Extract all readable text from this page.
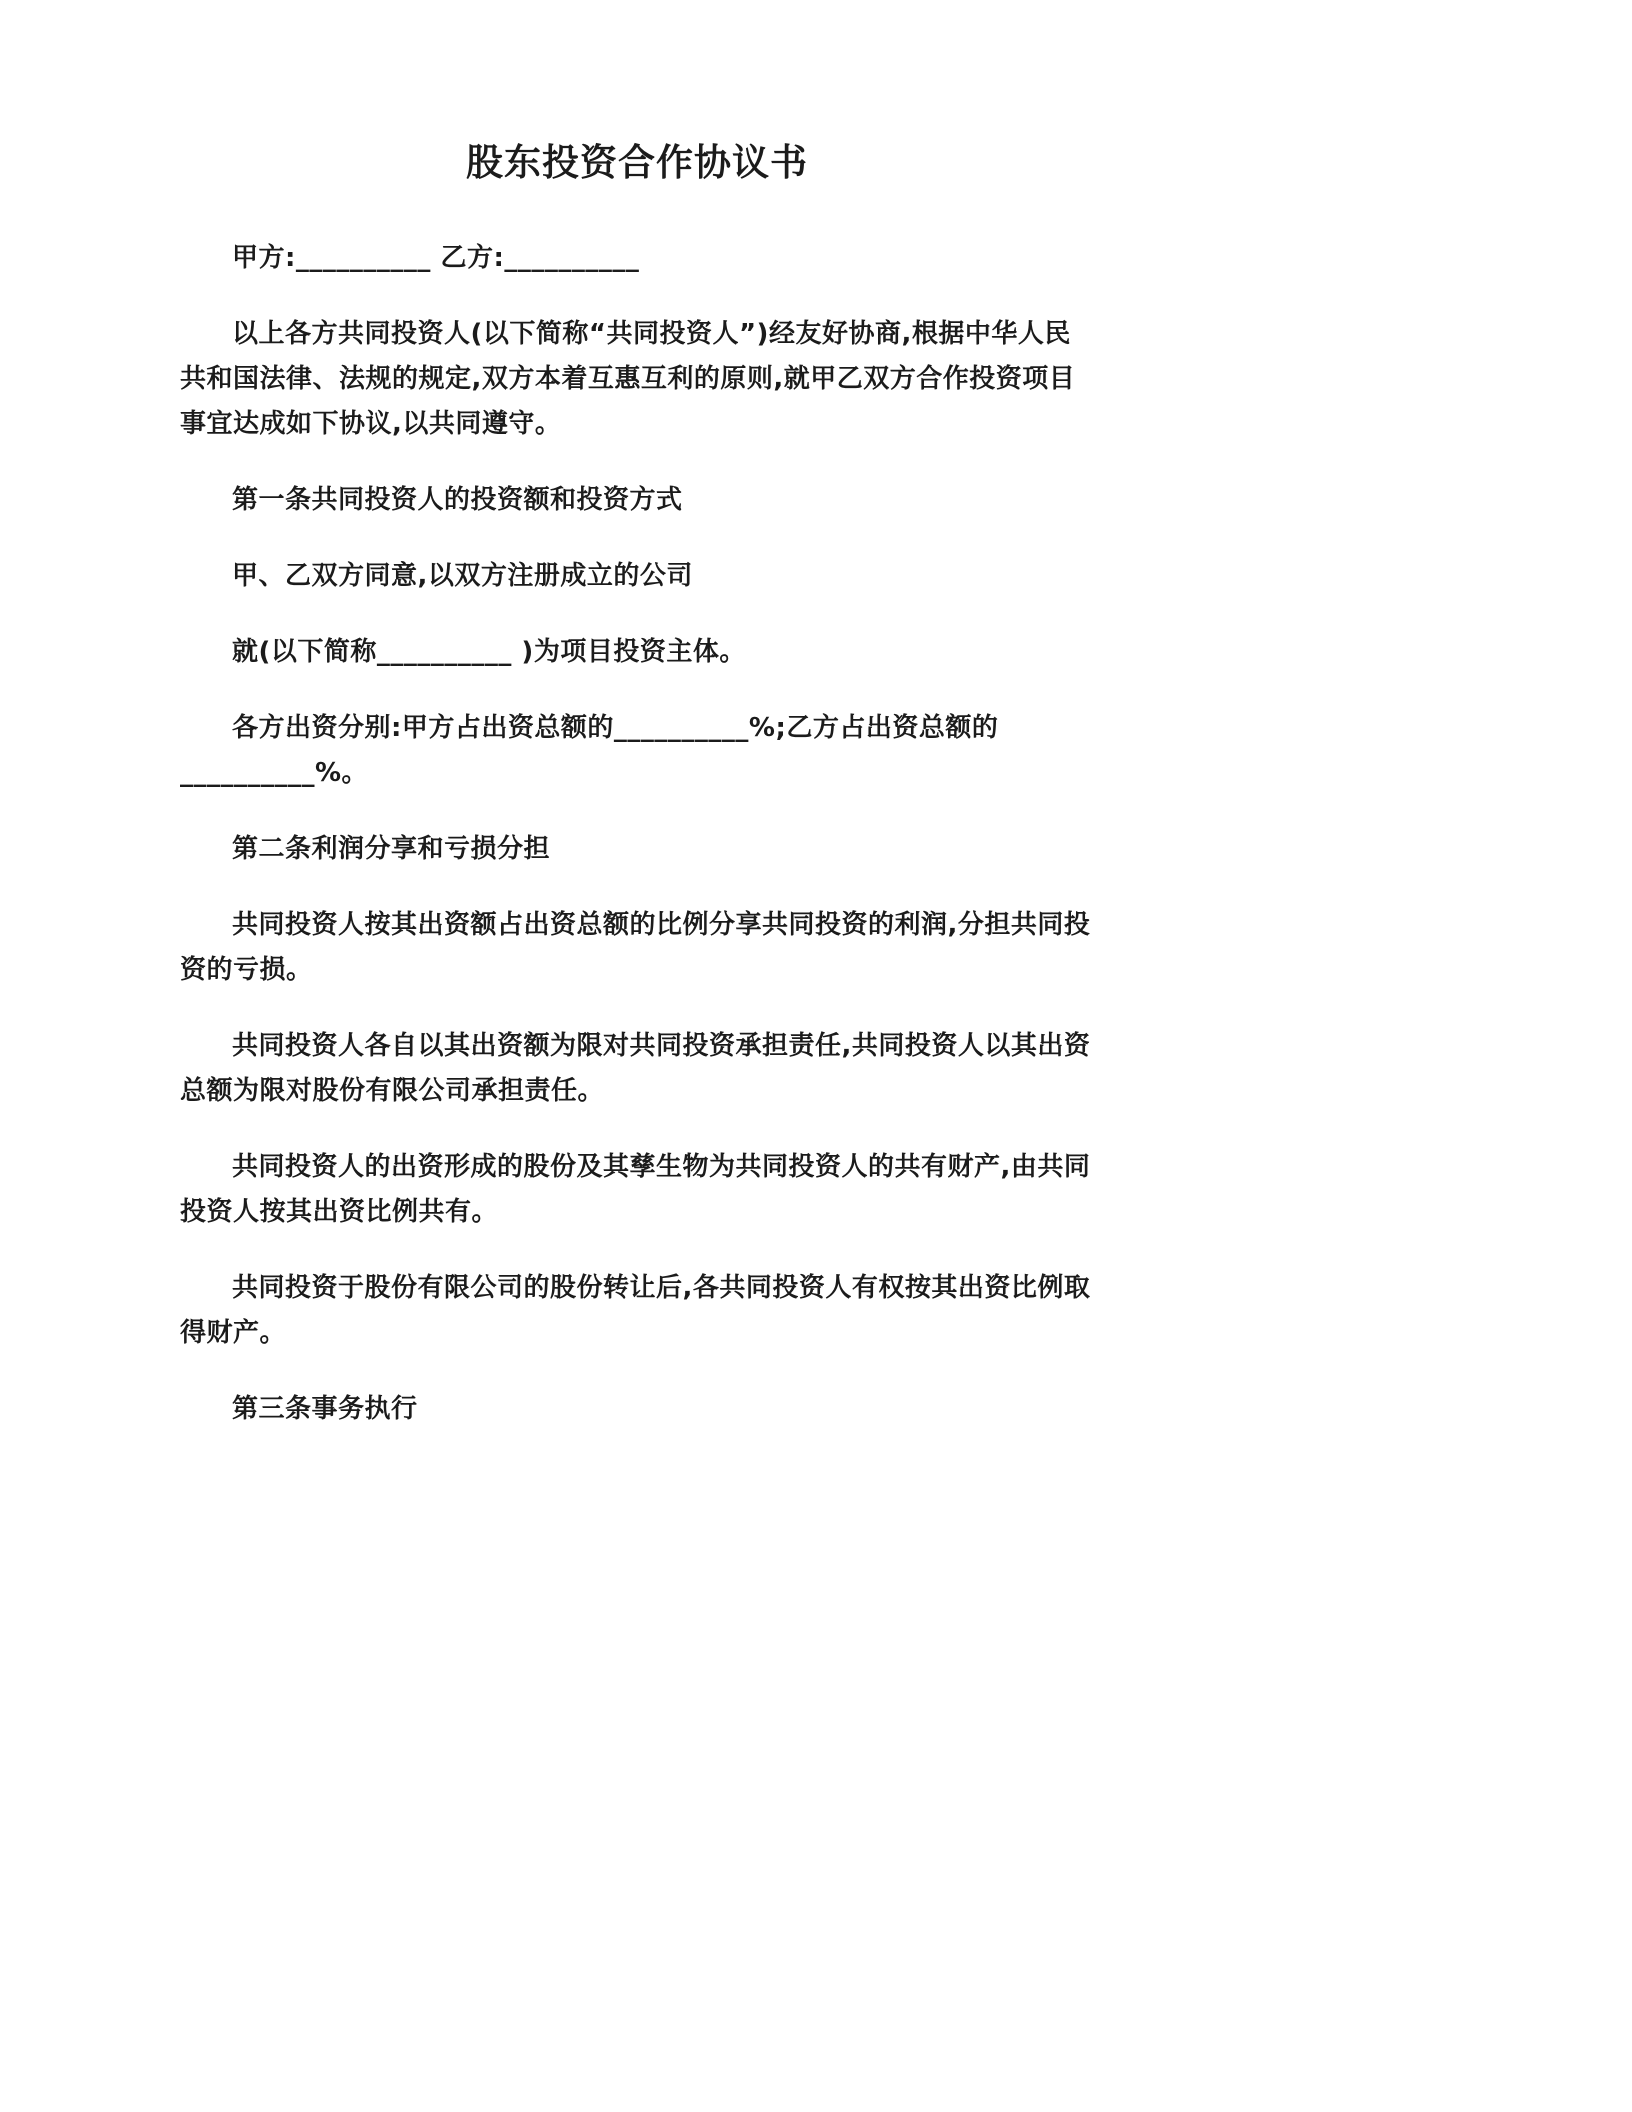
股东投资合作协议书

甲方:__________ 乙方:__________

以上各方共同投资人(以下简称“共同投资人”)经友好协商,根据中华人民共和国法律、法规的规定,双方本着互惠互利的原则,就甲乙双方合作投资项目事宜达成如下协议,以共同遵守。

第一条共同投资人的投资额和投资方式

甲、乙双方同意,以双方注册成立的公司

就(以下简称__________ )为项目投资主体。

各方出资分别:甲方占出资总额的__________%;乙方占出资总额的__________%。

第二条利润分享和亏损分担

共同投资人按其出资额占出资总额的比例分享共同投资的利润,分担共同投资的亏损。

共同投资人各自以其出资额为限对共同投资承担责任,共同投资人以其出资总额为限对股份有限公司承担责任。

共同投资人的出资形成的股份及其孳生物为共同投资人的共有财产,由共同投资人按其出资比例共有。

共同投资于股份有限公司的股份转让后,各共同投资人有权按其出资比例取得财产。

第三条事务执行
